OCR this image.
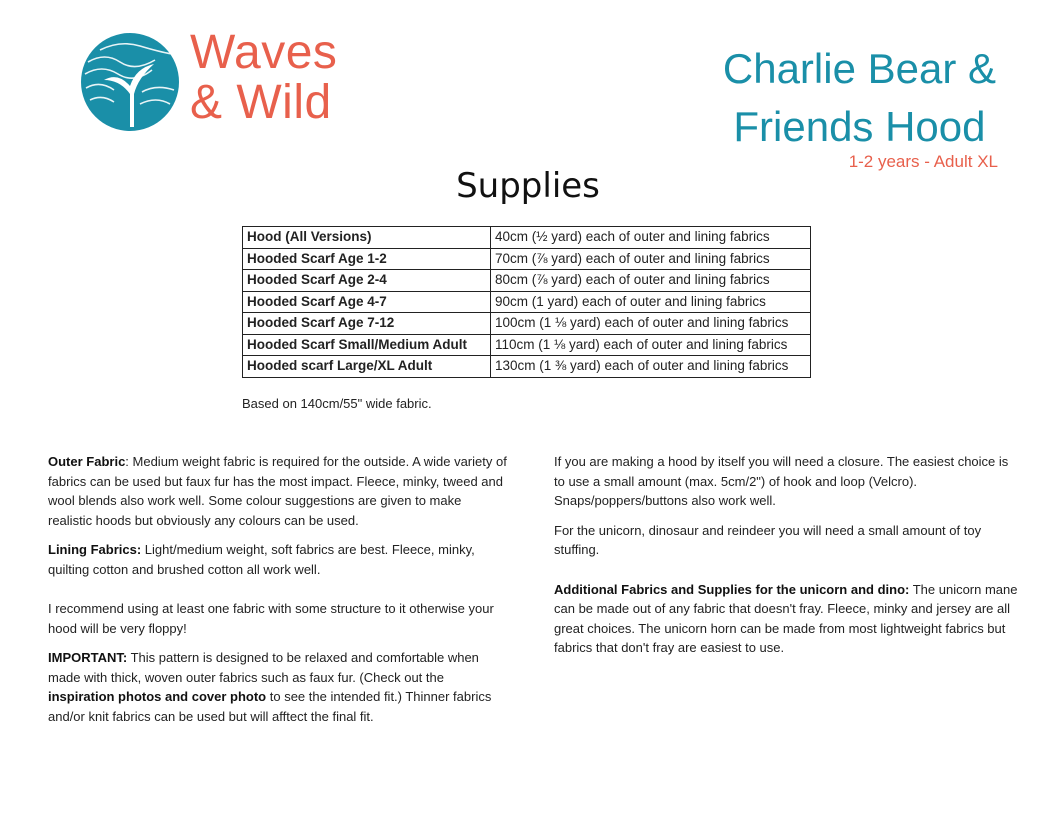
Waves
& Wild
Charlie Bear &
Friends Hood
1-2 years - Adult XL
Supplies
Hood (All Versions)	40cm (½ yard) each of outer and lining fabrics
Hooded Scarf Age 1-2	70cm (⅞ yard) each of outer and lining fabrics
Hooded Scarf Age 2-4	80cm (⅞ yard) each of outer and lining fabrics
Hooded Scarf Age 4-7	90cm (1 yard) each of outer and lining fabrics
Hooded Scarf Age 7-12	100cm (1 ⅛ yard) each of outer and lining fabrics
Hooded Scarf Small/Medium Adult	110cm (1 ⅛ yard) each of outer and lining fabrics
Hooded scarf Large/XL Adult	130cm (1 ⅜ yard) each of outer and lining fabrics
Based on 140cm/55" wide fabric.

Outer Fabric: Medium weight fabric is required for the outside. A wide variety of fabrics can be used but faux fur has the most impact. Fleece, minky, tweed and wool blends also work well. Some colour suggestions are given to make realistic hoods but obviously any colours can be used.

Lining Fabrics: Light/medium weight, soft fabrics are best. Fleece, minky, quilting cotton and brushed cotton all work well.

I recommend using at least one fabric with some structure to it otherwise your hood will be very floppy!

IMPORTANT: This pattern is designed to be relaxed and comfortable when made with thick, woven outer fabrics such as faux fur. (Check out the inspiration photos and cover photo to see the intended fit.) Thinner fabrics and/or knit fabrics can be used but will afftect the final fit.

If you are making a hood by itself you will need a closure. The easiest choice is to use a small amount (max. 5cm/2") of hook and loop (Velcro). Snaps/poppers/buttons also work well.

For the unicorn, dinosaur and reindeer you will need a small amount of toy stuffing.

Additional Fabrics and Supplies for the unicorn and dino: The unicorn mane can be made out of any fabric that doesn't fray. Fleece, minky and jersey are all great choices. The unicorn horn can be made from most lightweight fabrics but fabrics that don't fray are easiest to use.
